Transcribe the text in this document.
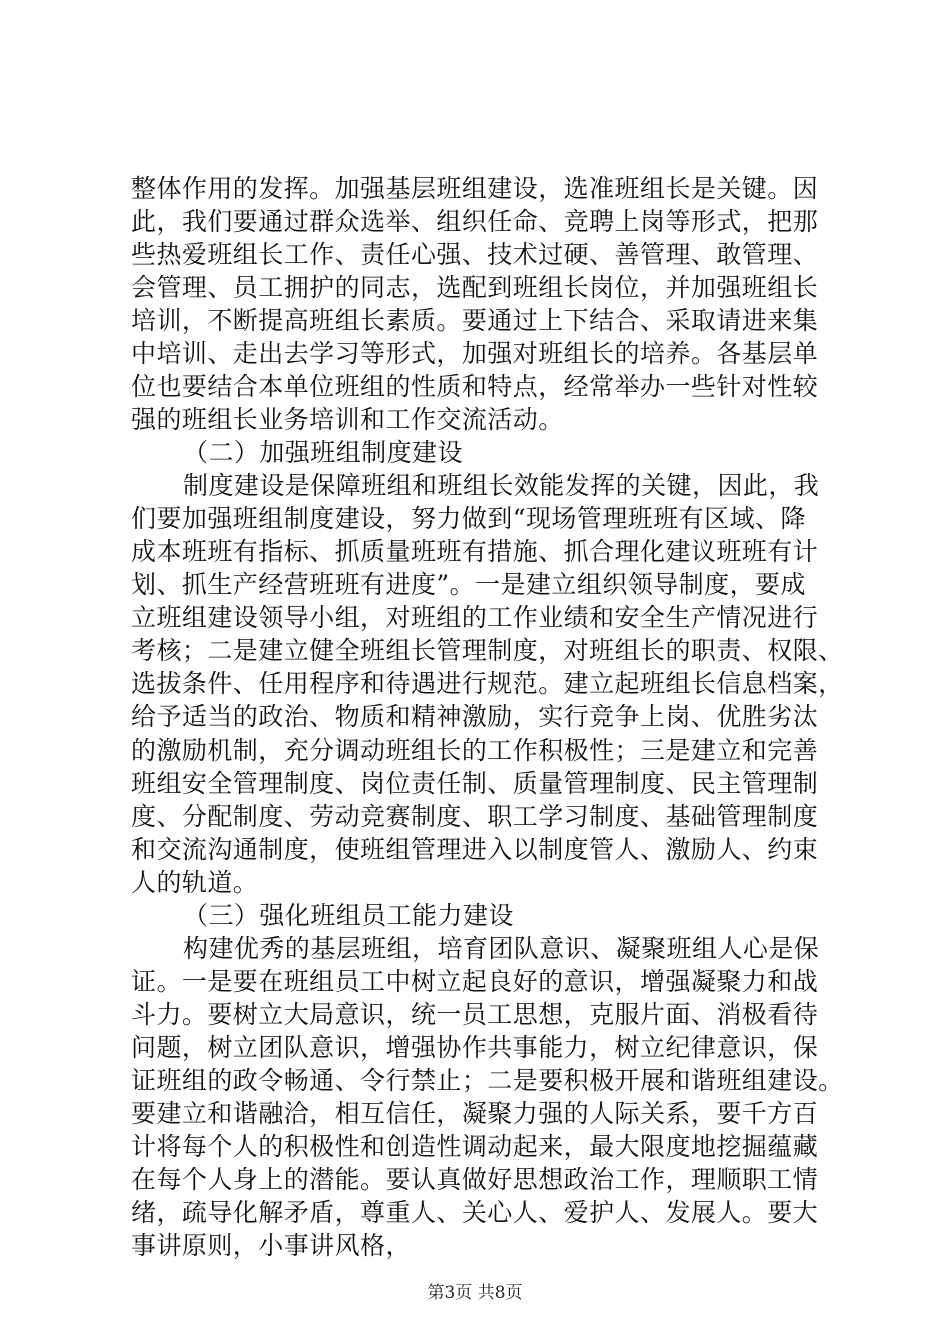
整体作用的发挥。加强基层班组建设，选准班组长是关键。因
此，我们要通过群众选举、组织任命、竞聘上岗等形式，把那
些热爱班组长工作、责任心强、技术过硬、善管理、敢管理、
会管理、员工拥护的同志，选配到班组长岗位，并加强班组长
培训，不断提高班组长素质。要通过上下结合、采取请进来集
中培训、走出去学习等形式，加强对班组长的培养。各基层单
位也要结合本单位班组的性质和特点，经常举办一些针对性较
强的班组长业务培训和工作交流活动。
（二）加强班组制度建设
制度建设是保障班组和班组长效能发挥的关键，因此，我
们要加强班组制度建设，努力做到“现场管理班班有区域、降
成本班班有指标、抓质量班班有措施、抓合理化建议班班有计
划、抓生产经营班班有进度”。一是建立组织领导制度，要成
立班组建设领导小组，对班组的工作业绩和安全生产情况进行
考核；二是建立健全班组长管理制度，对班组长的职责、权限、
选拔条件、任用程序和待遇进行规范。建立起班组长信息档案，
给予适当的政治、物质和精神激励，实行竞争上岗、优胜劣汰
的激励机制，充分调动班组长的工作积极性；三是建立和完善
班组安全管理制度、岗位责任制、质量管理制度、民主管理制
度、分配制度、劳动竞赛制度、职工学习制度、基础管理制度
和交流沟通制度，使班组管理进入以制度管人、激励人、约束
人的轨道。
（三）强化班组员工能力建设
构建优秀的基层班组，培育团队意识、凝聚班组人心是保
证。一是要在班组员工中树立起良好的意识，增强凝聚力和战
斗力。要树立大局意识，统一员工思想，克服片面、消极看待
问题，树立团队意识，增强协作共事能力，树立纪律意识，保
证班组的政令畅通、令行禁止；二是要积极开展和谐班组建设。
要建立和谐融洽，相互信任，凝聚力强的人际关系，要千方百
计将每个人的积极性和创造性调动起来，最大限度地挖掘蕴藏
第3页 共8页
在每个人身上的潜能。要认真做好思想政治工作，理顺职工情
绪，疏导化解矛盾，尊重人、关心人、爱护人、发展人。要大
事讲原则，小事讲风格，
